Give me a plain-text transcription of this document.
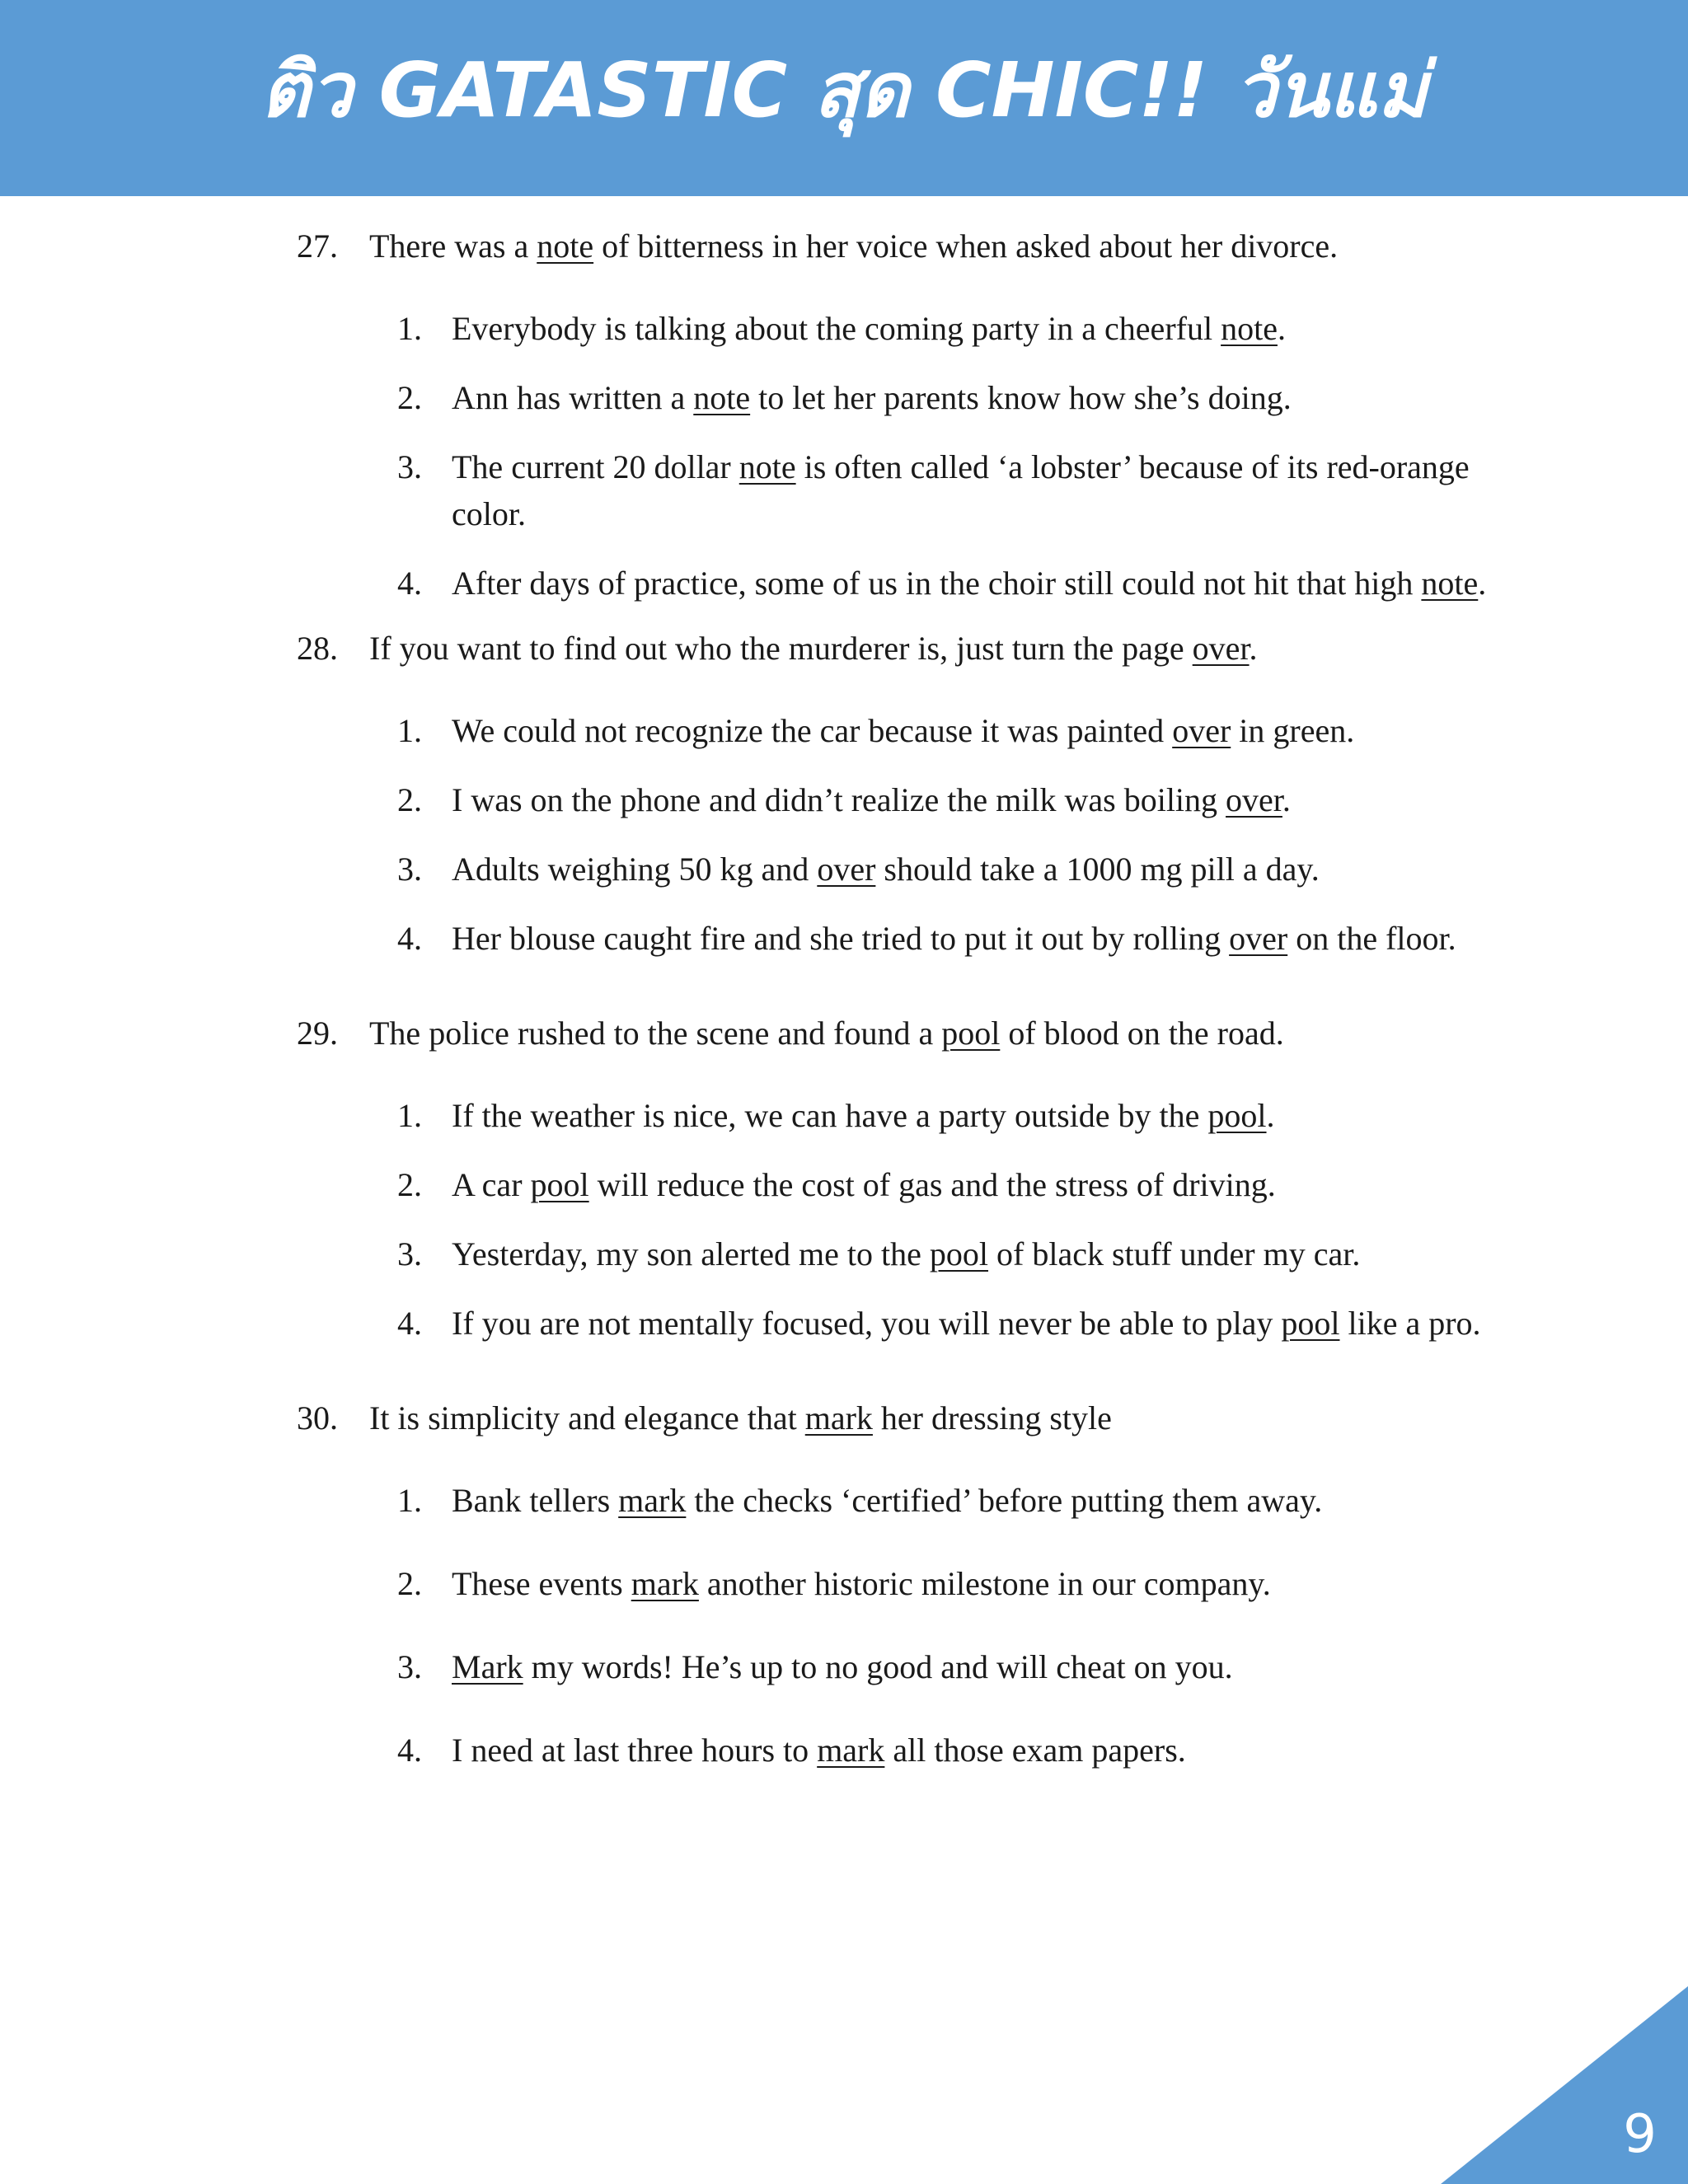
ติว GATASTIC สุด CHIC!! วันแม่
27. There was a note of bitterness in her voice when asked about her divorce.
1. Everybody is talking about the coming party in a cheerful note.
2. Ann has written a note to let her parents know how she’s doing.
3. The current 20 dollar note is often called ‘a lobster’ because of its red-orange color.
4. After days of practice, some of us in the choir still could not hit that high note.
28. If you want to find out who the murderer is, just turn the page over.
1. We could not recognize the car because it was painted over in green.
2. I was on the phone and didn’t realize the milk was boiling over.
3. Adults weighing 50 kg and over should take a 1000 mg pill a day.
4. Her blouse caught fire and she tried to put it out by rolling over on the floor.
29. The police rushed to the scene and found a pool of blood on the road.
1. If the weather is nice, we can have a party outside by the pool.
2. A car pool will reduce the cost of gas and the stress of driving.
3. Yesterday, my son alerted me to the pool of black stuff under my car.
4. If you are not mentally focused, you will never be able to play pool like a pro.
30. It is simplicity and elegance that mark her dressing style
1. Bank tellers mark the checks ‘certified’ before putting them away.
2. These events mark another historic milestone in our company.
3. Mark my words! He’s up to no good and will cheat on you.
4. I need at last three hours to mark all those exam papers.
9
